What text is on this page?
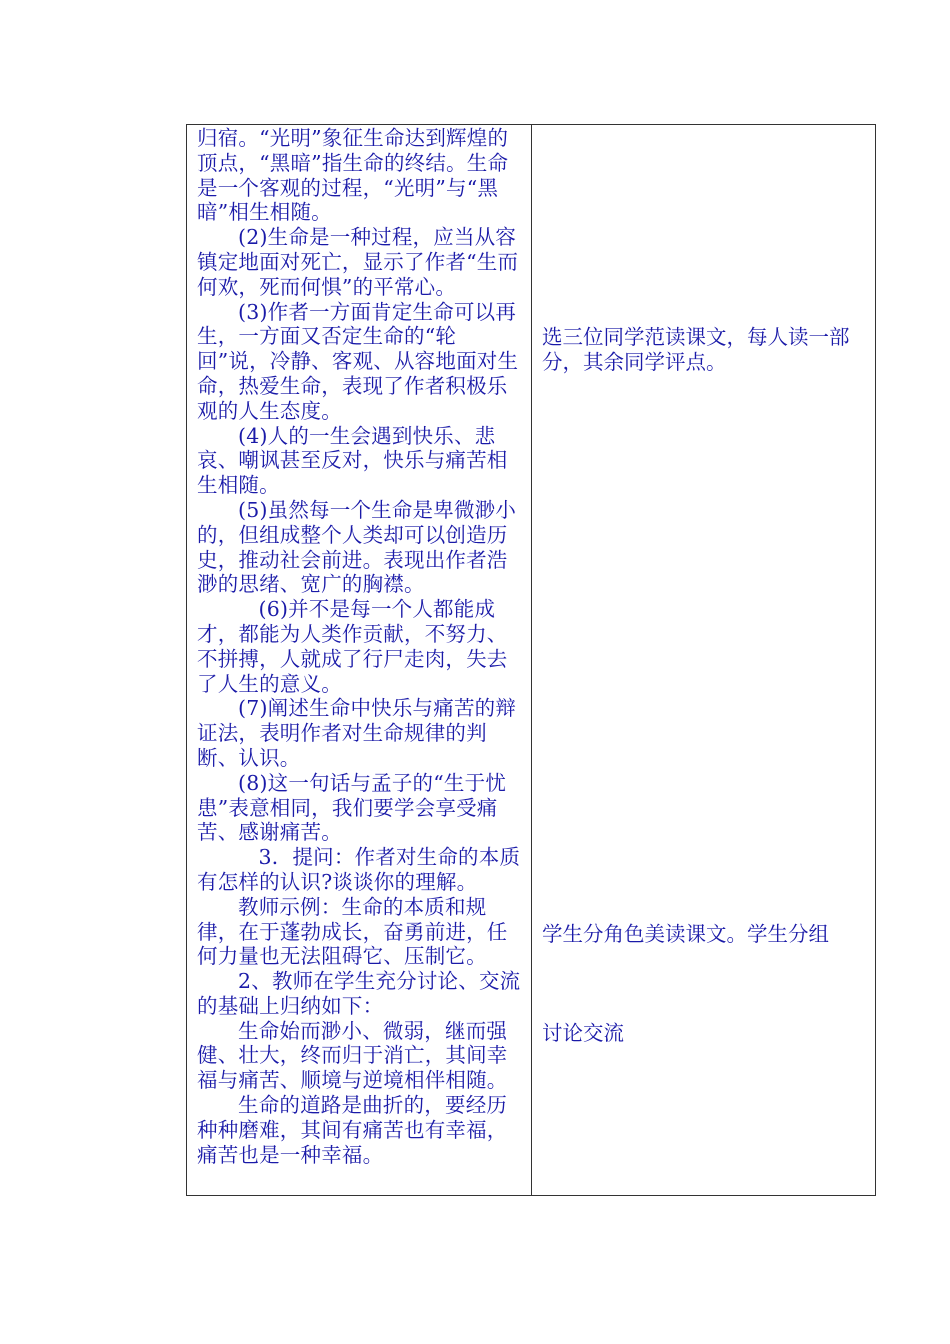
归宿。“光明”象征生命达到辉煌的顶点，“黑暗”指生命的终结。生命是一个客观的过程，“光明”与“黑暗”相生相随。

(2)生命是一种过程，应当从容镇定地面对死亡，显示了作者“生而何欢，死而何惧”的平常心。

(3)作者一方面肯定生命可以再生，一方面又否定生命的“轮回”说，冷静、客观、从容地面对生命，热爱生命，表现了作者积极乐观的人生态度。

(4)人的一生会遇到快乐、悲哀、嘲讽甚至反对，快乐与痛苦相生相随。

(5)虽然每一个生命是卑微渺小的，但组成整个人类却可以创造历史，推动社会前进。表现出作者浩渺的思绪、宽广的胸襟。

(6)并不是每一个人都能成才，都能为人类作贡献，不努力、不拼搏，人就成了行尸走肉，失去了人生的意义。

(7)阐述生命中快乐与痛苦的辩证法，表明作者对生命规律的判断、认识。

(8)这一句话与孟子的“生于忧患”表意相同，我们要学会享受痛苦、感谢痛苦。

3．提问：作者对生命的本质有怎样的认识?谈谈你的理解。

教师示例：生命的本质和规律，在于蓬勃成长，奋勇前进，任何力量也无法阻碍它、压制它。

2、教师在学生充分讨论、交流的基础上归纳如下：

生命始而渺小、微弱，继而强健、壮大，终而归于消亡，其间幸福与痛苦、顺境与逆境相伴相随。

生命的道路是曲折的，要经历种种磨难，其间有痛苦也有幸福，痛苦也是一种幸福。

选三位同学范读课文，每人读一部分，其余同学评点。

学生分角色美读课文。学生分组

讨论交流
